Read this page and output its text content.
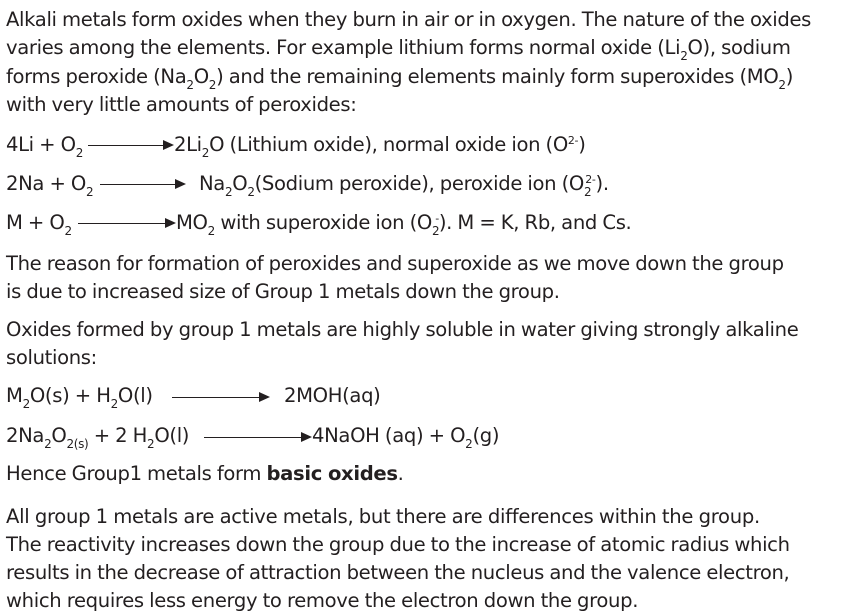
Alkali metals form oxides when they burn in air or in oxygen. The nature of the oxides
varies among the elements. For example lithium forms normal oxide $(Li_2O)$, sodium
forms peroxide $(Na_2O_2)$ and the remaining elements mainly form superoxides $(MO_2)$
with very little amounts of peroxides:
$4Li + O_2$	$2Li_2O$ (Lithium oxide), normal oxide ion $(O^{2-})$
$2Na + O_2$	$Na_2O_2(Sodium$ peroxide), peroxide ion $(O_2^{2-})$.
$M + O_2$	$MO_2$ with superoxide ion $(O_2^-)$. M = K, Rb, and Cs.
The reason for formation of peroxides and superoxide as we move down the group
is due to increased size of Group 1 metals down the group.
Oxides formed by group 1 metals are highly soluble in water giving strongly alkaline
solutions:
$M_2O(s) + H_2O(l)$	2MOH(aq)
$2Na_2O_{2(s)} + 2$ $H_2O(l)$	4NaOH $(aq) + O_2(g)$
Hence Group1 metals form basic oxides.
All group 1 metals are active metals, but there are differences within the group.
The reactivity increases down the group due to the increase of atomic radius which
results in the decrease of attraction between the nucleus and the valence electron,
which requires less energy to remove the electron down the group.
